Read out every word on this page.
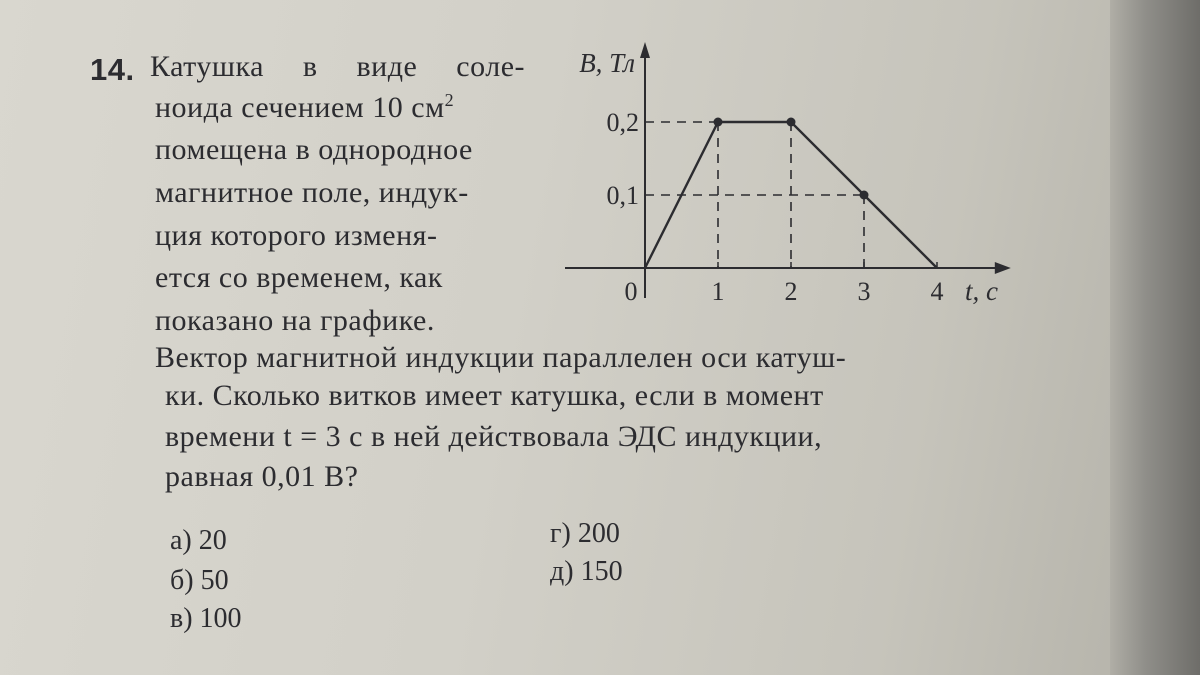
14. Катушка в виде соле-
ноида сечением 10 $см^2$
помещена в однородное
магнитное поле, индук-
ция которого изменя-
ется со временем, как
показано на графике.
Вектор магнитной индукции параллелен оси катуш-
ки. Сколько витков имеет катушка, если в момент
времени t = 3 с в ней действовала ЭДС индукции,
равная 0,01 В?
а) 20
б) 50
в) 100
г) 200
д) 150
0	1 2 3 4
0,1
0,2
B, Тл
t, с
